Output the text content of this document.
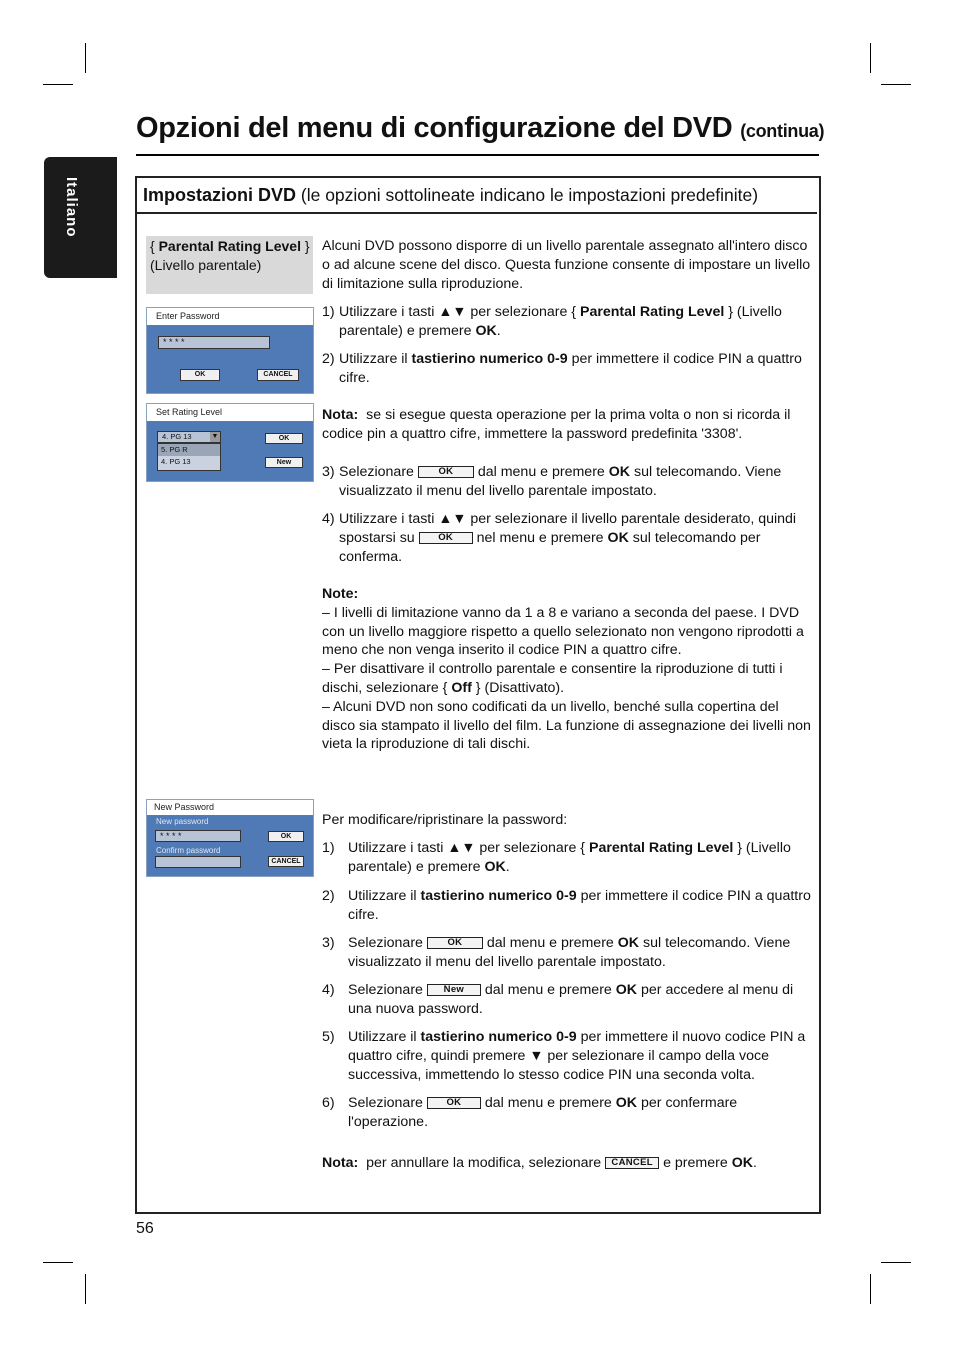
Opzioni del menu di configurazione del DVD (continua)
Italiano	Impostazioni DVD (le opzioni sottolineate indicano le impostazioni predefinite)
{ Parental Rating Level } (Livello parentale)
Enter Password
* * * *
OK	CANCEL
Set Rating Level
4. PG 13	▼
5. PG R
4. PG 13
OK
New
New Password
New password
* * * *
Confirm password
OK
CANCEL
Alcuni DVD possono disporre di un livello parentale assegnato all'intero disco o ad alcune scene del disco. Questa funzione consente di impostare un livello di limitazione sulla riproduzione.
1) Utilizzare i tasti ▲▼ per selezionare { Parental Rating Level } (Livello parentale) e premere OK.
2) Utilizzare il tastierino numerico 0-9 per immettere il codice PIN a quattro cifre.
Nota: se si esegue questa operazione per la prima volta o non si ricorda il codice pin a quattro cifre, immettere la password predefinita '3308'.
3) Selezionare	OK dal menu e premere OK sul telecomando. Viene visualizzato il menu del livello parentale impostato.
4) Utilizzare i tasti ▲▼ per selezionare il livello parentale desiderato, quindi spostarsi su OK nel menu e premere OK sul telecomando per conferma.
Note:
– I livelli di limitazione vanno da 1 a 8 e variano a seconda del paese. I DVD con un livello maggiore rispetto a quello selezionato non vengono riprodotti a meno che non venga inserito il codice PIN a quattro cifre.
– Per disattivare il controllo parentale e consentire la riproduzione di tutti i dischi, selezionare { Off } (Disattivato).
– Alcuni DVD non sono codificati da un livello, benché sulla copertina del disco sia stampato il livello del film. La funzione di assegnazione dei livelli non vieta la riproduzione di tali dischi.
Per modificare/ripristinare la password:
1) Utilizzare i tasti ▲▼ per selezionare { Parental Rating Level } (Livello parentale) e premere OK.
2) Utilizzare il tastierino numerico 0-9 per immettere il codice PIN a quattro cifre.
3) Selezionare	OK dal menu e premere OK sul telecomando. Viene visualizzato il menu del livello parentale impostato.
4) Selezionare New dal menu e premere OK per accedere al menu di una nuova password.
5) Utilizzare il tastierino numerico 0-9 per immettere il nuovo codice PIN a quattro cifre, quindi premere ▼ per selezionare il campo della voce successiva, immettendo lo stesso codice PIN una seconda volta.
6) Selezionare OK dal menu e premere OK per confermare l'operazione.
Nota: per annullare la modifica, selezionare CANCEL e premere OK.
56
